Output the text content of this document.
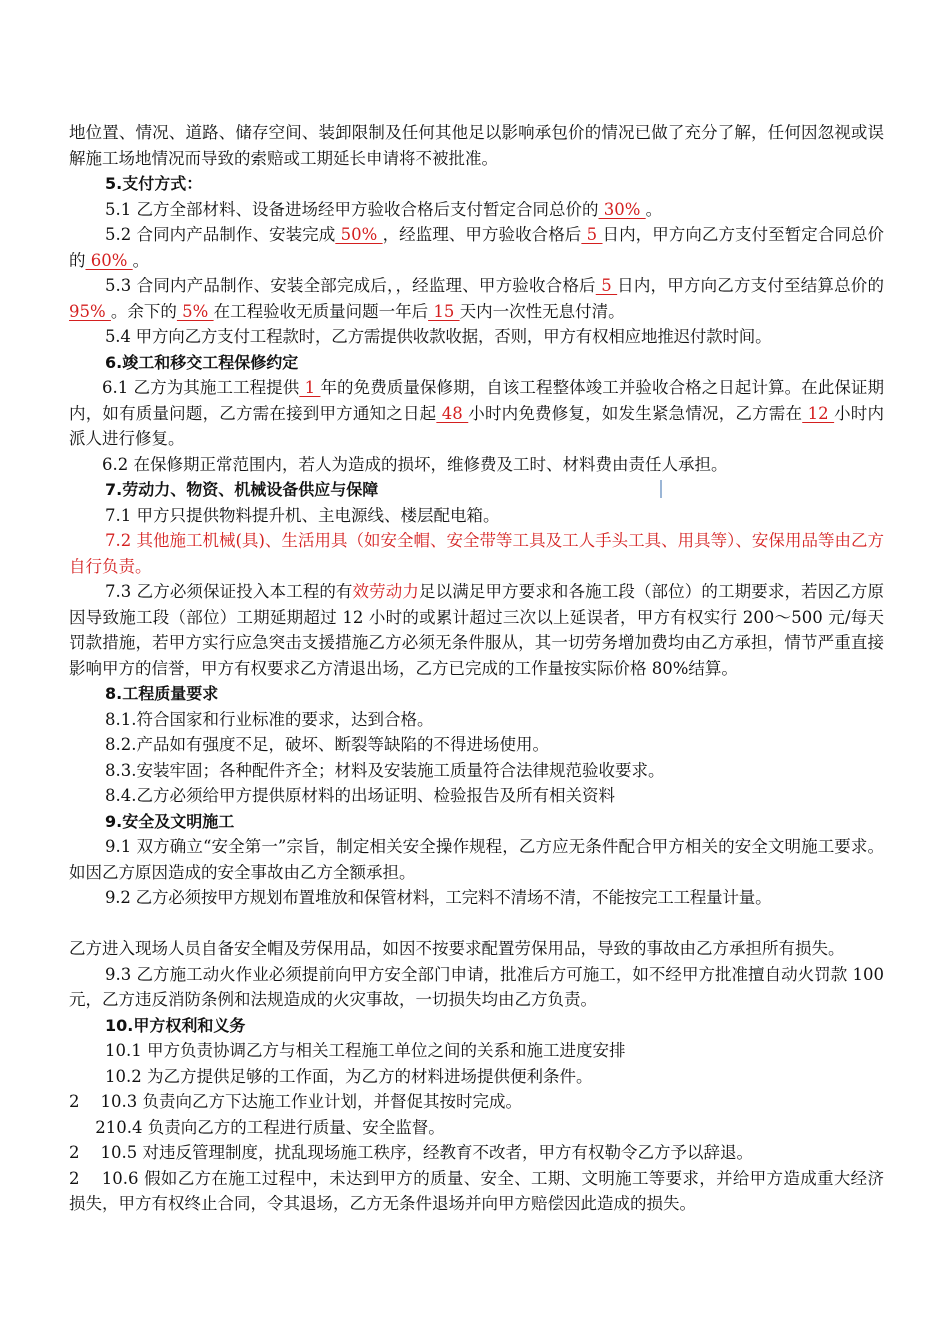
地位置、情况、道路、储存空间、装卸限制及任何其他足以影响承包价的情况已做了充分了解，任何因忽视或误解施工场地情况而导致的索赔或工期延长申请将不被批准。

5.支付方式：

5.1 乙方全部材料、设备进场经甲方验收合格后支付暂定合同总价的 30% 。

5.2 合同内产品制作、安装完成 50% ，经监理、甲方验收合格后 5 日内，甲方向乙方支付至暂定合同总价的 60% 。

5.3 合同内产品制作、安装全部完成后，，经监理、甲方验收合格后 5 日内，甲方向乙方支付至结算总价的 95% 。余下的 5% 在工程验收无质量问题一年后 15 天内一次性无息付清。

5.4 甲方向乙方支付工程款时，乙方需提供收款收据，否则，甲方有权相应地推迟付款时间。

6.竣工和移交工程保修约定

6.1 乙方为其施工工程提供 1 年的免费质量保修期，自该工程整体竣工并验收合格之日起计算。在此保证期内，如有质量问题，乙方需在接到甲方通知之日起 48 小时内免费修复，如发生紧急情况，乙方需在 12 小时内派人进行修复。

6.2 在保修期正常范围内，若人为造成的损坏，维修费及工时、材料费由责任人承担。

7.劳动力、物资、机械设备供应与保障

7.1 甲方只提供物料提升机、主电源线、楼层配电箱。

7.2 其他施工机械(具)、生活用具（如安全帽、安全带等工具及工人手头工具、用具等）、安保用品等由乙方自行负责。

7.3 乙方必须保证投入本工程的有效劳动力足以满足甲方要求和各施工段（部位）的工期要求，若因乙方原因导致施工段（部位）工期延期超过 12 小时的或累计超过三次以上延误者，甲方有权实行 200～500 元/每天罚款措施，若甲方实行应急突击支援措施乙方必须无条件服从，其一切劳务增加费均由乙方承担，情节严重直接影响甲方的信誉，甲方有权要求乙方清退出场，乙方已完成的工作量按实际价格 80%结算。

8.工程质量要求

8.1.符合国家和行业标准的要求，达到合格。

8.2.产品如有强度不足，破坏、断裂等缺陷的不得进场使用。

8.3.安装牢固；各种配件齐全；材料及安装施工质量符合法律规范验收要求。

8.4.乙方必须给甲方提供原材料的出场证明、检验报告及所有相关资料

9.安全及文明施工

9.1 双方确立“安全第一”宗旨，制定相关安全操作规程，乙方应无条件配合甲方相关的安全文明施工要求。如因乙方原因造成的安全事故由乙方全额承担。

9.2 乙方必须按甲方规划布置堆放和保管材料，工完料不清场不清，不能按完工工程量计量。

乙方进入现场人员自备安全帽及劳保用品，如因不按要求配置劳保用品，导致的事故由乙方承担所有损失。

9.3 乙方施工动火作业必须提前向甲方安全部门申请，批准后方可施工，如不经甲方批准擅自动火罚款 100 元，乙方违反消防条例和法规造成的火灾事故，一切损失均由乙方负责。

10.甲方权利和义务

10.1 甲方负责协调乙方与相关工程施工单位之间的关系和施工进度安排

10.2 为乙方提供足够的工作面，为乙方的材料进场提供便利条件。

2    10.3 负责向乙方下达施工作业计划，并督促其按时完成。

210.4 负责向乙方的工程进行质量、安全监督。

2    10.5 对违反管理制度，扰乱现场施工秩序，经教育不改者，甲方有权勒令乙方予以辞退。

2    10.6 假如乙方在施工过程中，未达到甲方的质量、安全、工期、文明施工等要求，并给甲方造成重大经济损失，甲方有权终止合同，令其退场，乙方无条件退场并向甲方赔偿因此造成的损失。
